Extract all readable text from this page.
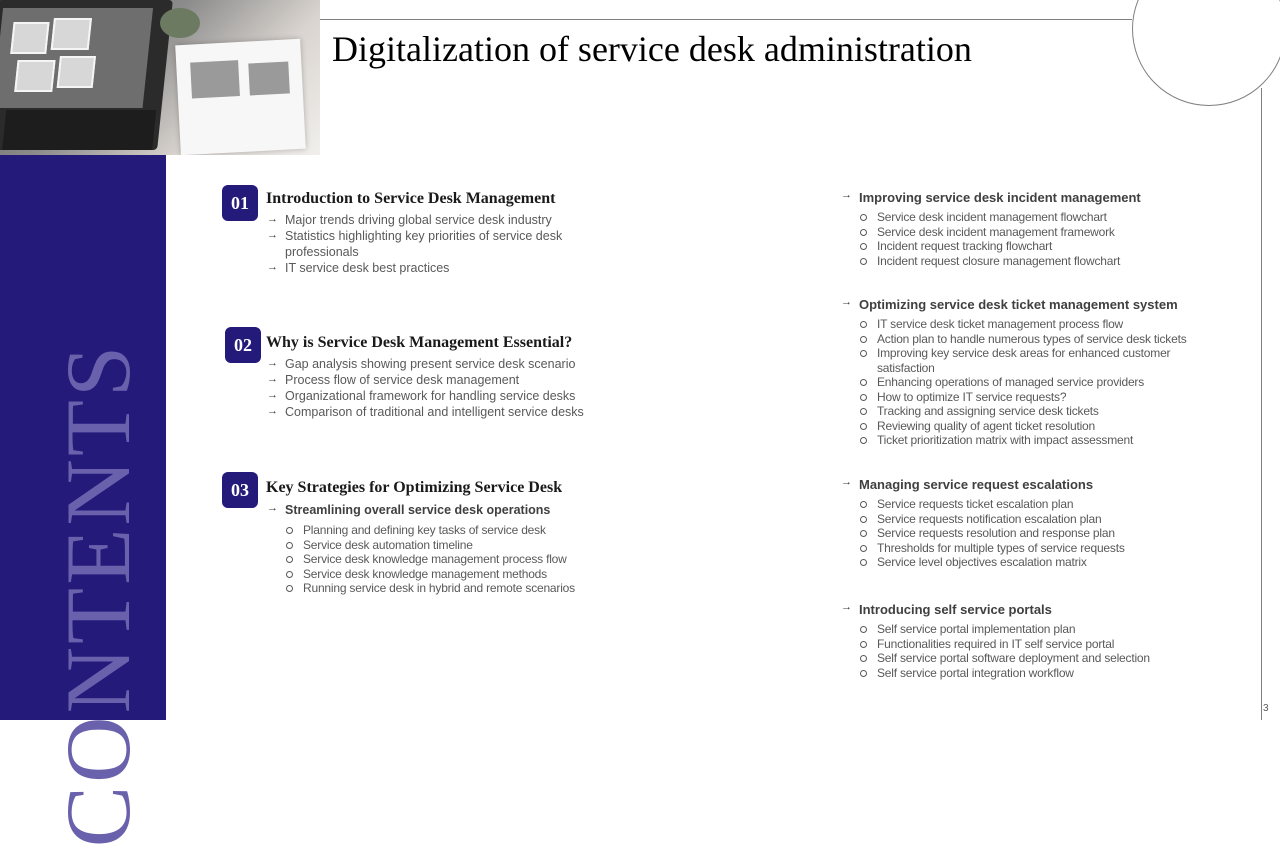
Digitalization of service desk administration
CONTENTS
01	Introduction to Service Desk Management
→ Major trends driving global service desk industry
→ Statistics highlighting key priorities of service desk professionals
→ IT service desk best practices
02 Why is Service Desk Management Essential?
→ Gap analysis showing present service desk scenario
→ Process flow of service desk management
→ Organizational framework for handling service desks
→ Comparison of traditional and intelligent service desks
03	Key Strategies for Optimizing Service Desk
→ Streamlining overall service desk operations
Planning and defining key tasks of service desk
Service desk automation timeline
Service desk knowledge management process flow
Service desk knowledge management methods
Running service desk in hybrid and remote scenarios
→ Improving service desk incident management
Service desk incident management flowchart
Service desk incident management framework
Incident request tracking flowchart
Incident request closure management flowchart
→ Optimizing service desk ticket management system
IT service desk ticket management process flow
Action plan to handle numerous types of service desk tickets
Improving key service desk areas for enhanced customer satisfaction
Enhancing operations of managed service providers
How to optimize IT service requests?
Tracking and assigning service desk tickets
Reviewing quality of agent ticket resolution
Ticket prioritization matrix with impact assessment
→ Managing service request escalations
Service requests ticket escalation plan
Service requests notification escalation plan
Service requests resolution and response plan
Thresholds for multiple types of service requests
Service level objectives escalation matrix
→ Introducing self service portals
Self service portal implementation plan
Functionalities required in IT self service portal
Self service portal software deployment and selection
Self service portal integration workflow
3
